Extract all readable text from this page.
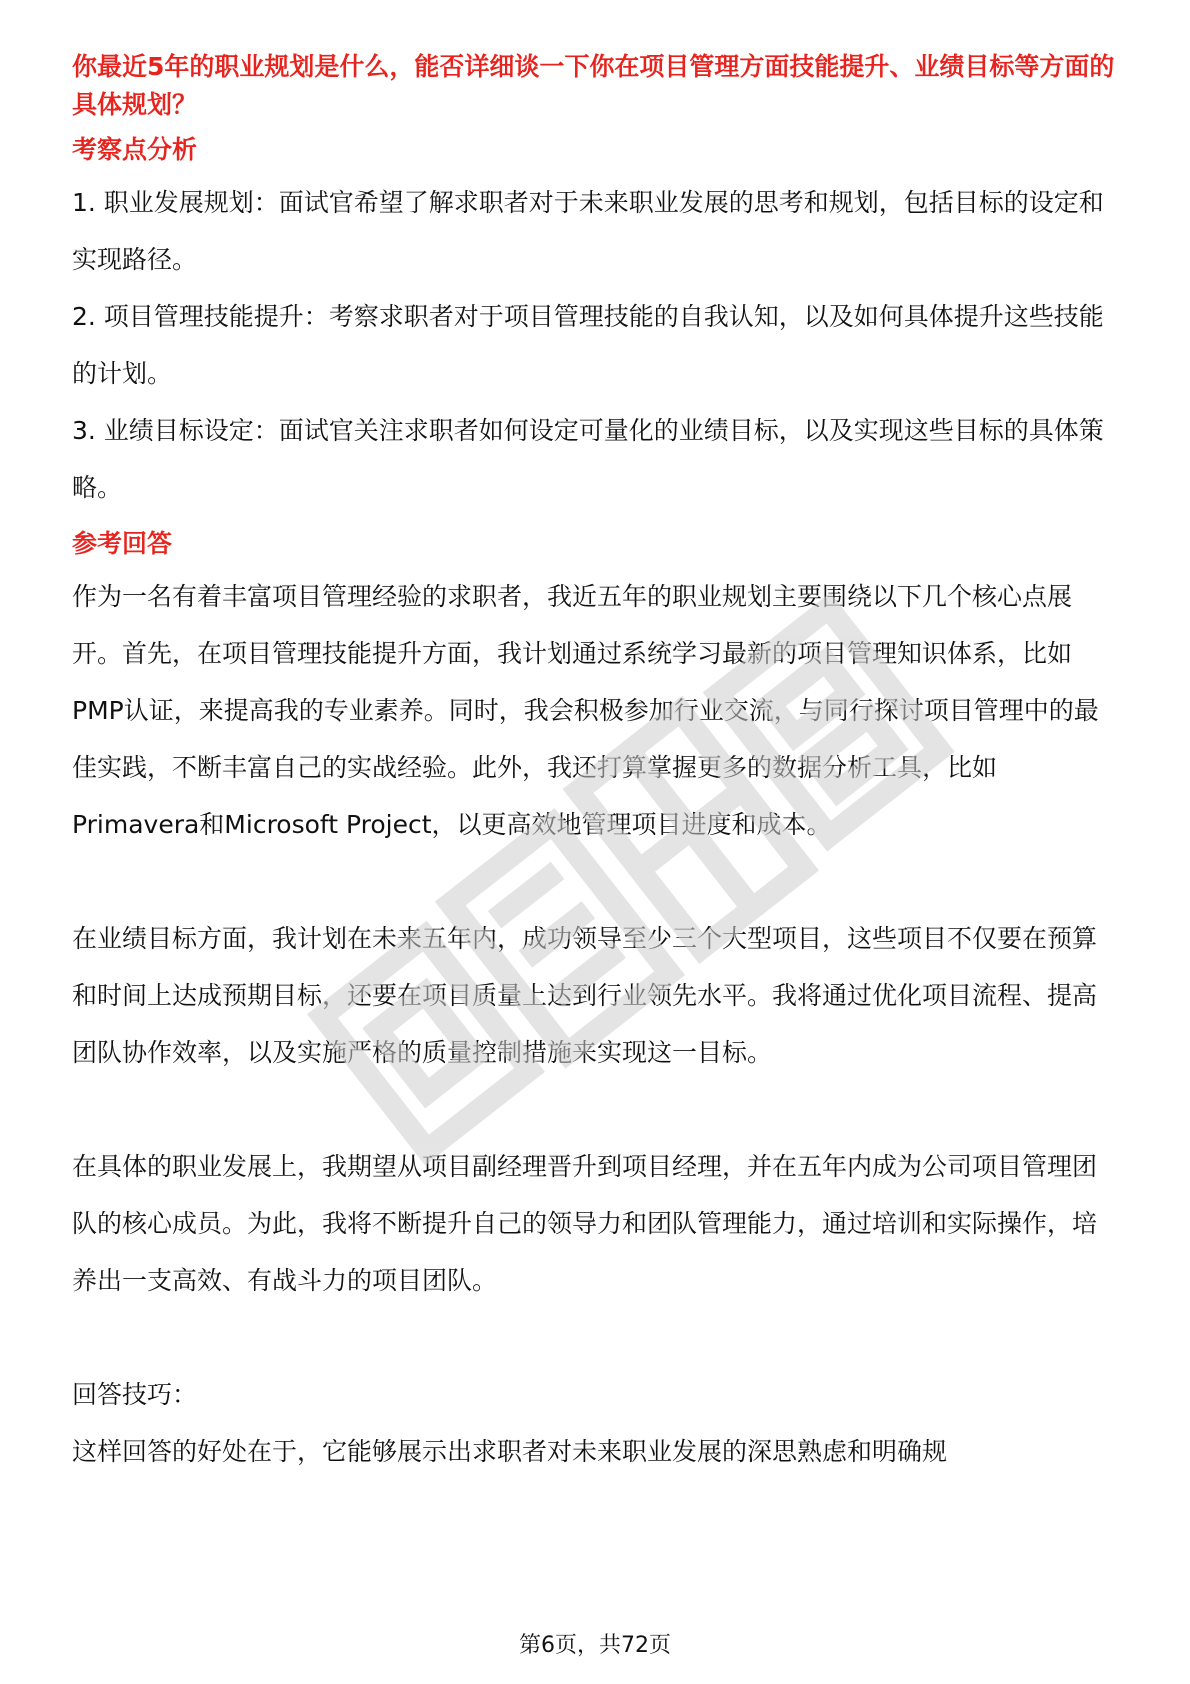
你最近5年的职业规划是什么，能否详细谈一下你在项目管理方面技能提升、业绩目标等方面的具体规划？

考察点分析

1. 职业发展规划：面试官希望了解求职者对于未来职业发展的思考和规划，包括目标的设定和实现路径。

2. 项目管理技能提升：考察求职者对于项目管理技能的自我认知，以及如何具体提升这些技能的计划。

3. 业绩目标设定：面试官关注求职者如何设定可量化的业绩目标，以及实现这些目标的具体策略。

参考回答

作为一名有着丰富项目管理经验的求职者，我近五年的职业规划主要围绕以下几个核心点展开。首先，在项目管理技能提升方面，我计划通过系统学习最新的项目管理知识体系，比如PMP认证，来提高我的专业素养。同时，我会积极参加行业交流，与同行探讨项目管理中的最佳实践，不断丰富自己的实战经验。此外，我还打算掌握更多的数据分析工具，比如Primavera和Microsoft Project，以更高效地管理项目进度和成本。

在业绩目标方面，我计划在未来五年内，成功领导至少三个大型项目，这些项目不仅要在预算和时间上达成预期目标，还要在项目质量上达到行业领先水平。我将通过优化项目流程、提高团队协作效率，以及实施严格的质量控制措施来实现这一目标。

在具体的职业发展上，我期望从项目副经理晋升到项目经理，并在五年内成为公司项目管理团队的核心成员。为此，我将不断提升自己的领导力和团队管理能力，通过培训和实际操作，培养出一支高效、有战斗力的项目团队。

回答技巧：

这样回答的好处在于，它能够展示出求职者对未来职业发展的深思熟虑和明确规

第6页，共72页
